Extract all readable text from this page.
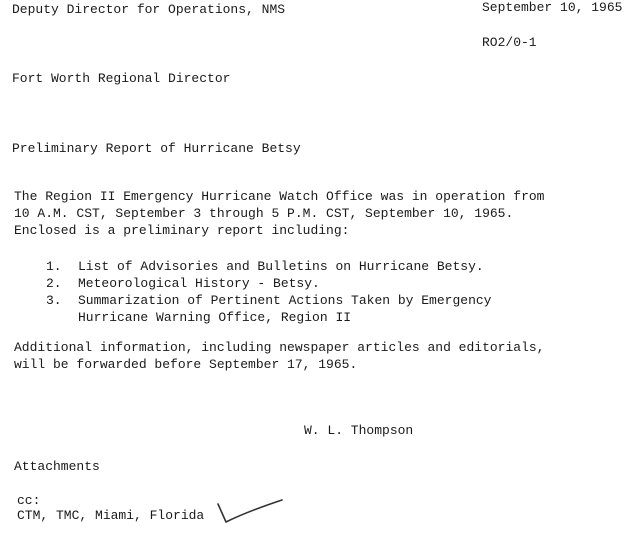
Deputy Director for Operations, NMS	September 10, 1965

RO2/0-1

Fort Worth Regional Director

Preliminary Report of Hurricane Betsy

The Region II Emergency Hurricane Watch Office was in operation from

10 A.M. CST, September 3 through 5 P.M. CST, September 10, 1965.

Enclosed is a preliminary report including:

1.	List of Advisories and Bulletins on Hurricane Betsy.
2.	Meteorological History - Betsy.
3.	Summarization of Pertinent Actions Taken by Emergency
Hurricane Warning Office, Region II

Additional information, including newspaper articles and editorials,

will be forwarded before September 17, 1965.

W. L. Thompson

Attachments

cc:

CTM, TMC, Miami, Florida
